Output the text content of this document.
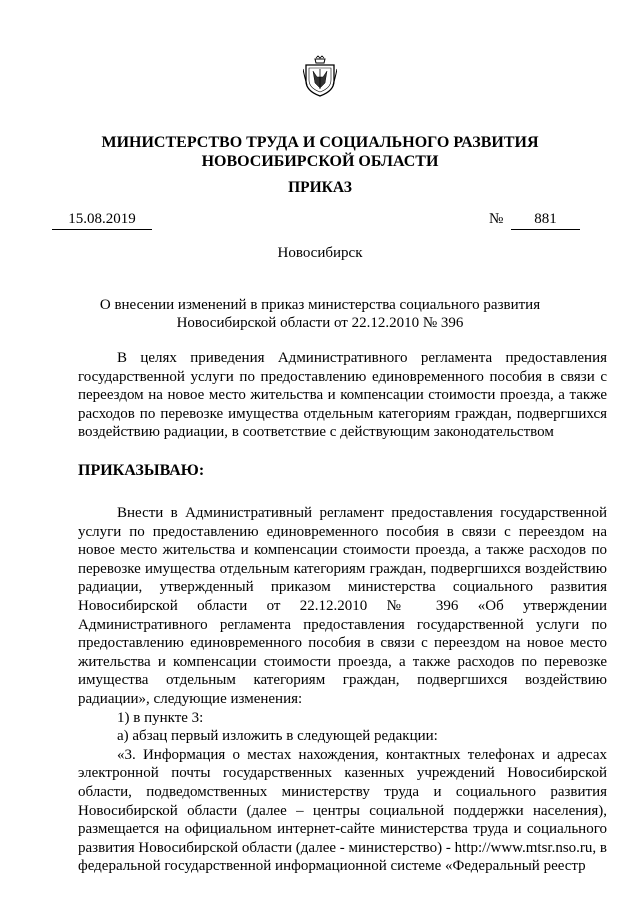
МИНИСТЕРСТВО ТРУДА И СОЦИАЛЬНОГО РАЗВИТИЯ
НОВОСИБИРСКОЙ ОБЛАСТИ
ПРИКАЗ
15.08.2019	№	881
Новосибирск
О внесении изменений в приказ министерства социального развития
Новосибирской области от 22.12.2010 № 396

В целях приведения Административного регламента предоставления государственной услуги по предоставлению единовременного пособия в связи с переездом на новое место жительства и компенсации стоимости проезда, а также расходов по перевозке имущества отдельным категориям граждан, подвергшихся воздействию радиации, в соответствие с действующим законодательством

ПРИКАЗЫВАЮ:

Внести в Административный регламент предоставления государственной услуги по предоставлению единовременного пособия в связи с переездом на новое место жительства и компенсации стоимости проезда, а также расходов по перевозке имущества отдельным категориям граждан, подвергшихся воздействию радиации, утвержденный приказом министерства социального развития Новосибирской области от 22.12.2010 № 396 «Об утверждении Административного регламента предоставления государственной услуги по предоставлению единовременного пособия в связи с переездом на новое место жительства и компенсации стоимости проезда, а также расходов по перевозке имущества отдельным категориям граждан, подвергшихся воздействию радиации», следующие изменения:

1) в пункте 3:

а) абзац первый изложить в следующей редакции:

«3. Информация о местах нахождения, контактных телефонах и адресах электронной почты государственных казенных учреждений Новосибирской области, подведомственных министерству труда и социального развития Новосибирской области (далее – центры социальной поддержки населения), размещается на официальном интернет-сайте министерства труда и социального развития Новосибирской области (далее - министерство) - http://www.mtsr.nso.ru, в федеральной государственной информационной системе «Федеральный реестр
